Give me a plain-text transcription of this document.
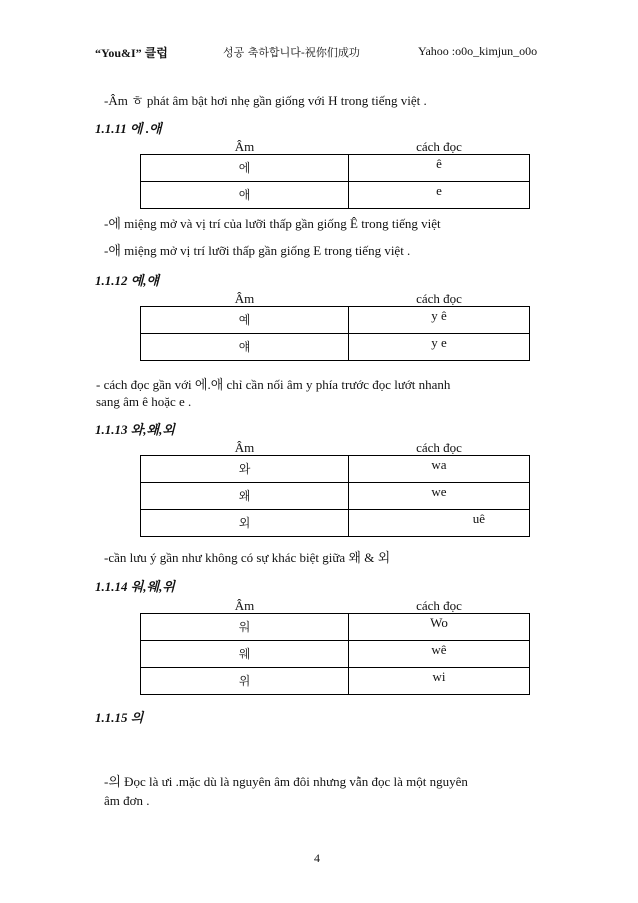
“You&I” 클럽	성공 축하합니다-祝你们成功	Yahoo :o0o_kimjun_o0o
-Âm ㅎ phát âm bật hơi nhẹ gần giống với H trong tiếng việt .
1.1.11 에 .애
Âm	cách đọc
에	ê
애	e
-에 miệng mở và vị trí của lưỡi thấp gần giống Ê trong tiếng việt
-애 miệng mở vị trí lưỡi thấp gần giống E trong tiếng việt .
1.1.12 예,얘
Âm	cách đọc
예	y ê
얘	y e
- cách đọc gần với 에.애 chỉ cần nối âm y phía trước đọc lướt nhanh
sang âm ê hoặc e .
1.1.13 와,왜,외
Âm	cách đọc
와	wa
왜	we
외	uê
-cần lưu ý gần như không có sự khác biệt giữa 왜 & 외
1.1.14 워,웨,위
Âm	cách đọc
워	Wo
웨	wê
위	wi
1.1.15 의
-의 Đọc là ưi .mặc dù là nguyên âm đôi nhưng vẫn đọc là một nguyên
âm đơn .
4
